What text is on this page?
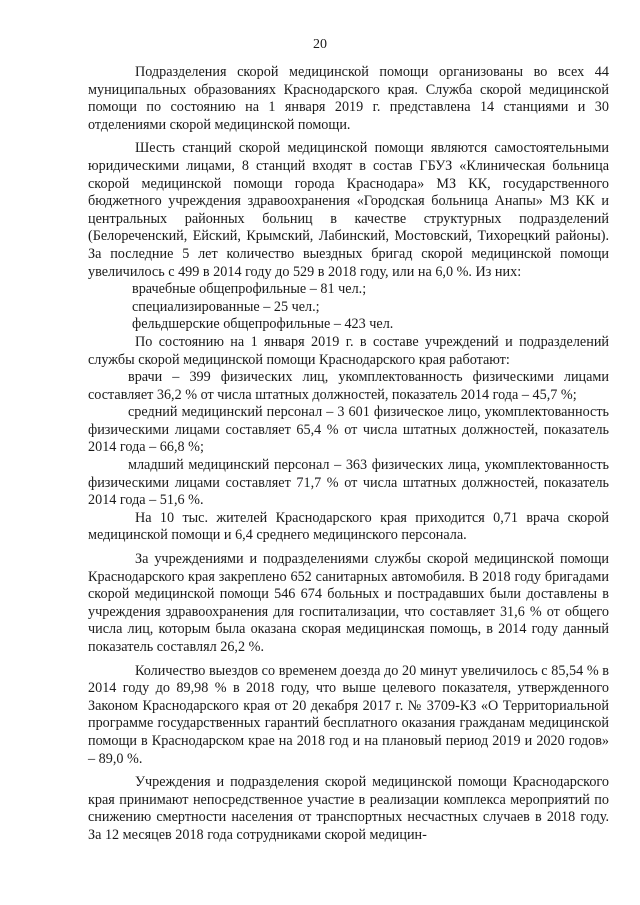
20

Подразделения скорой медицинской помощи организованы во всех 44 муниципальных образованиях Краснодарского края. Служба скорой медицинской помощи по состоянию на 1 января 2019 г. представлена 14 станциями и 30 отделениями скорой медицинской помощи.

Шесть станций скорой медицинской помощи являются самостоятельными юридическими лицами, 8 станций входят в состав ГБУЗ «Клиническая больница скорой медицинской помощи города Краснодара» МЗ КК, государственного бюджетного учреждения здравоохранения «Городская больница Анапы» МЗ КК и центральных районных больниц в качестве структурных подразделений (Белореченский, Ейский, Крымский, Лабинский, Мостовский, Тихорецкий районы). За последние 5 лет количество выездных бригад скорой медицинской помощи увеличилось с 499 в 2014 году до 529 в 2018 году, или на 6,0 %. Из них:

врачебные общепрофильные – 81 чел.;

специализированные – 25 чел.;

фельдшерские общепрофильные – 423 чел.

По состоянию на 1 января 2019 г. в составе учреждений и подразделений службы скорой медицинской помощи Краснодарского края работают:

врачи – 399 физических лиц, укомплектованность физическими лицами составляет 36,2 % от числа штатных должностей, показатель 2014 года – 45,7 %;

средний медицинский персонал – 3 601 физическое лицо, укомплектованность физическими лицами составляет 65,4 % от числа штатных должностей, показатель 2014 года – 66,8 %;

младший медицинский персонал – 363 физических лица, укомплектованность физическими лицами составляет 71,7 % от числа штатных должностей, показатель 2014 года – 51,6 %.

На 10 тыс. жителей Краснодарского края приходится 0,71 врача скорой медицинской помощи и 6,4 среднего медицинского персонала.

За учреждениями и подразделениями службы скорой медицинской помощи Краснодарского края закреплено 652 санитарных автомобиля. В 2018 году бригадами скорой медицинской помощи 546 674 больных и пострадавших были доставлены в учреждения здравоохранения для госпитализации, что составляет 31,6 % от общего числа лиц, которым была оказана скорая медицинская помощь, в 2014 году данный показатель составлял 26,2 %.

Количество выездов со временем доезда до 20 минут увеличилось с 85,54 % в 2014 году до 89,98 % в 2018 году, что выше целевого показателя, утвержденного Законом Краснодарского края от 20 декабря 2017 г. № 3709-КЗ «О Территориальной программе государственных гарантий бесплатного оказания гражданам медицинской помощи в Краснодарском крае на 2018 год и на плановый период 2019 и 2020 годов» – 89,0 %.

Учреждения и подразделения скорой медицинской помощи Краснодарского края принимают непосредственное участие в реализации комплекса мероприятий по снижению смертности населения от транспортных несчастных случаев в 2018 году. За 12 месяцев 2018 года сотрудниками скорой медицин-
